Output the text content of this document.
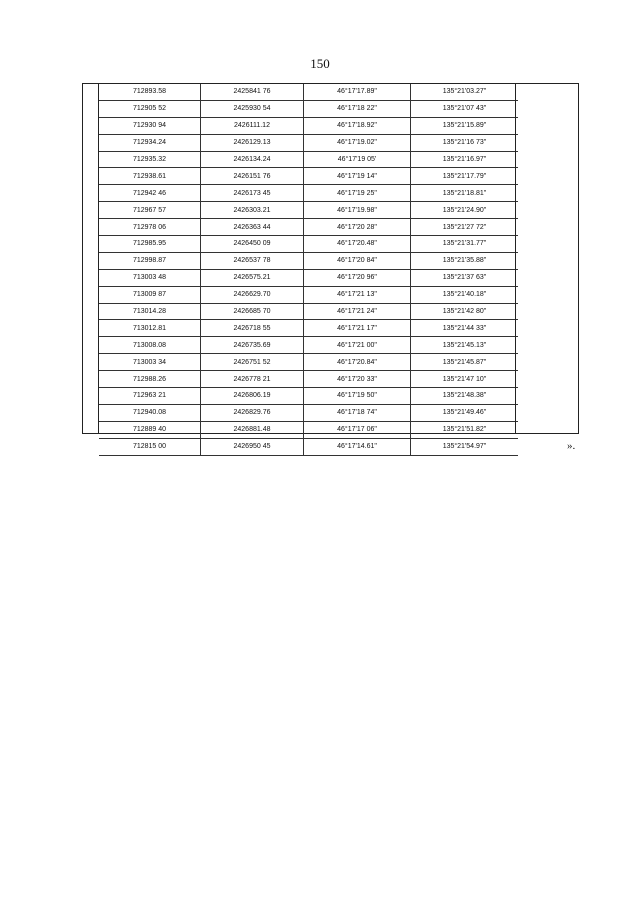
150
712893.58	2425841 76	46°17'17.89"	135°21'03.27"
712905 52	2425930 54	46°17'18 22"	135°21'07 43"
712930 94	2426111.12	46°17'18.92"	135°21'15.89"
712934.24	2426129.13	46°17'19.02"	135°21'16 73"
712935.32	2426134.24	46°17'19 05'	135°21'16.97"
712938.61	2426151 76	46°17'19 14"	135°21'17.79"
712942 46	2426173 45	46°17'19 25"	135°21'18.81"
712967 57	2426303.21	46°17'19.98"	135°21'24.90"
712978 06	2426363 44	46°17'20 28"	135°21'27 72"
712985.95	2426450 09	46°17'20.48"	135°21'31.77"
712998.87	2426537 78	46°17'20 84"	135°21'35.88"
713003 48	2426575.21	46°17'20 96"	135°21'37 63"
713009 87	2426629.70	46°17'21 13"	135°21'40.18"
713014.28	2426685 70	46°17'21 24"	135°21'42 80"
713012.81	2426718 55	46°17'21 17"	135°21'44 33"
713008.08	2426735.69	46°17'21 00"	135°21'45.13"
713003 34	2426751 52	46°17'20.84"	135°21'45.87"
712988.26	2426778 21	46°17'20 33"	135°21'47 10"
712963 21	2426806.19	46°17'19 50"	135°21'48.38"
712940.08	2426829.76	46°17'18 74"	135°21'49.46"
712889 40	2426881.48	46°17'17 06"	135°21'51.82"
712815 00	2426950 45	46°17'14.61"	135°21'54.97"	».
